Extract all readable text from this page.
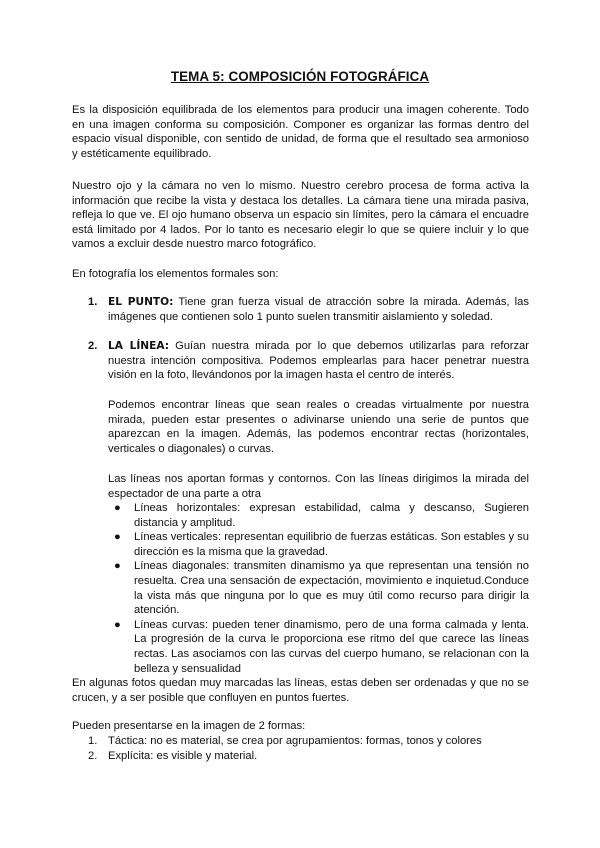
TEMA 5: COMPOSICIÓN FOTOGRÁFICA

Es la disposición equilibrada de los elementos para producir una imagen coherente. Todo en una imagen conforma su composición. Componer es organizar las formas dentro del espacio visual disponible, con sentido de unidad, de forma que el resultado sea armonioso y estéticamente equilibrado.

Nuestro ojo y la cámara no ven lo mismo. Nuestro cerebro procesa de forma activa la información que recibe la vista y destaca los detalles. La cámara tiene una mirada pasiva, refleja lo que ve. El ojo humano observa un espacio sin límites, pero la cámara el encuadre está limitado por 4 lados. Por lo tanto es necesario elegir lo que se quiere incluir y lo que vamos a excluir desde nuestro marco fotográfico.

En fotografía los elementos formales son:

1. EL PUNTO: Tiene gran fuerza visual de atracción sobre la mirada. Además, las imágenes que contienen solo 1 punto suelen transmitir aislamiento y soledad.
2. LA LÍNEA: Guían nuestra mirada por lo que debemos utilizarlas para reforzar nuestra intención compositiva. Podemos emplearlas para hacer penetrar nuestra visión en la foto, llevándonos por la imagen hasta el centro de interés.

Podemos encontrar líneas que sean reales o creadas virtualmente por nuestra mirada, pueden estar presentes o adivinarse uniendo una serie de puntos que aparezcan en la imagen. Además, las podemos encontrar rectas (horizontales, verticales o diagonales) o curvas.

Las líneas nos aportan formas y contornos. Con las líneas dirigimos la mirada del espectador de una parte a otra

● Líneas horizontales: expresan estabilidad, calma y descanso, Sugieren distancia y amplitud.
● Líneas verticales: representan equilibrio de fuerzas estáticas. Son estables y su dirección es la misma que la gravedad.
● Líneas diagonales: transmiten dinamismo ya que representan una tensión no resuelta. Crea una sensación de expectación, movimiento e inquietud.Conduce la vista más que ninguna por lo que es muy útil como recurso para dirigir la atención.
● Líneas curvas: pueden tener dinamismo, pero de una forma calmada y lenta. La progresión de la curva le proporciona ese ritmo del que carece las líneas rectas. Las asociamos con las curvas del cuerpo humano, se relacionan con la belleza y sensualidad

En algunas fotos quedan muy marcadas las líneas, estas deben ser ordenadas y que no se crucen, y a ser posible que confluyen en puntos fuertes.

Pueden presentarse en la imagen de 2 formas:

1. Táctica: no es material, se crea por agrupamientos: formas, tonos y colores
2. Explícita: es visible y material.
